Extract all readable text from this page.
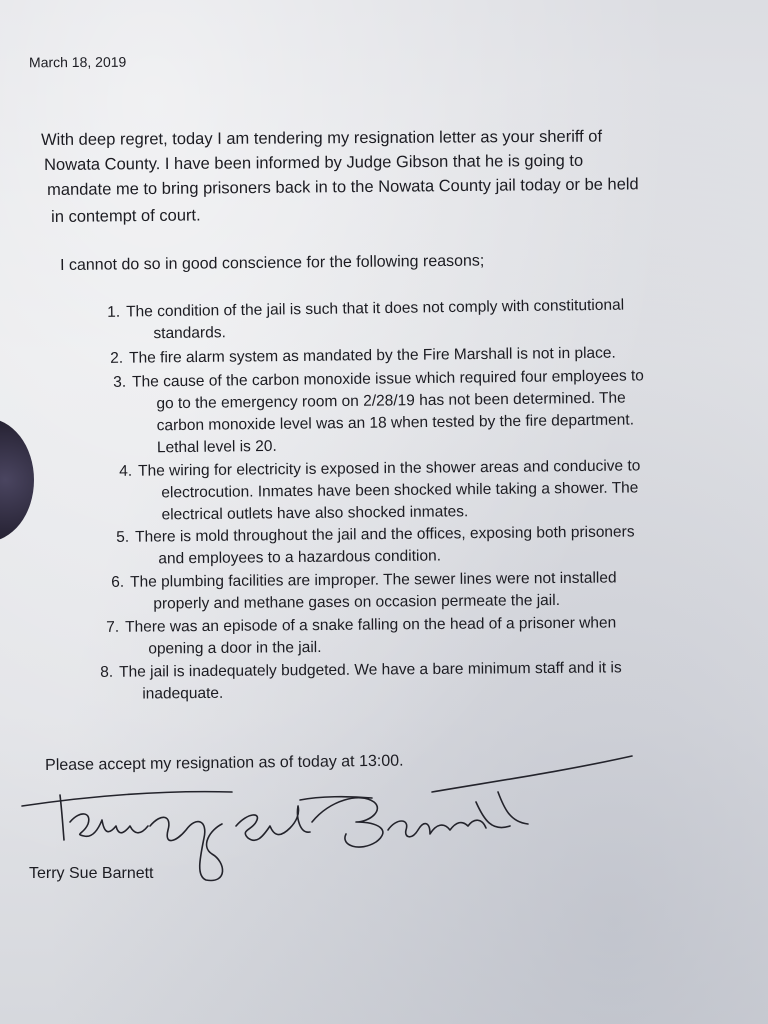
March 18, 2019
With deep regret, today I am tendering my resignation letter as your sheriff of
Nowata County. I have been informed by Judge Gibson that he is going to
mandate me to bring prisoners back in to the Nowata County jail today or be held
in contempt of court.
I cannot do so in good conscience for the following reasons;
1. The condition of the jail is such that it does not comply with constitutional
standards.
2. The fire alarm system as mandated by the Fire Marshall is not in place.
3. The cause of the carbon monoxide issue which required four employees to
go to the emergency room on 2/28/19 has not been determined. The
carbon monoxide level was an 18 when tested by the fire department.
Lethal level is 20.
4. The wiring for electricity is exposed in the shower areas and conducive to
electrocution. Inmates have been shocked while taking a shower. The
electrical outlets have also shocked inmates.
5. There is mold throughout the jail and the offices, exposing both prisoners
and employees to a hazardous condition.
6. The plumbing facilities are improper. The sewer lines were not installed
properly and methane gases on occasion permeate the jail.
7. There was an episode of a snake falling on the head of a prisoner when
opening a door in the jail.
8. The jail is inadequately budgeted. We have a bare minimum staff and it is
inadequate.
Please accept my resignation as of today at 13:00.
Terry Sue Barnett
